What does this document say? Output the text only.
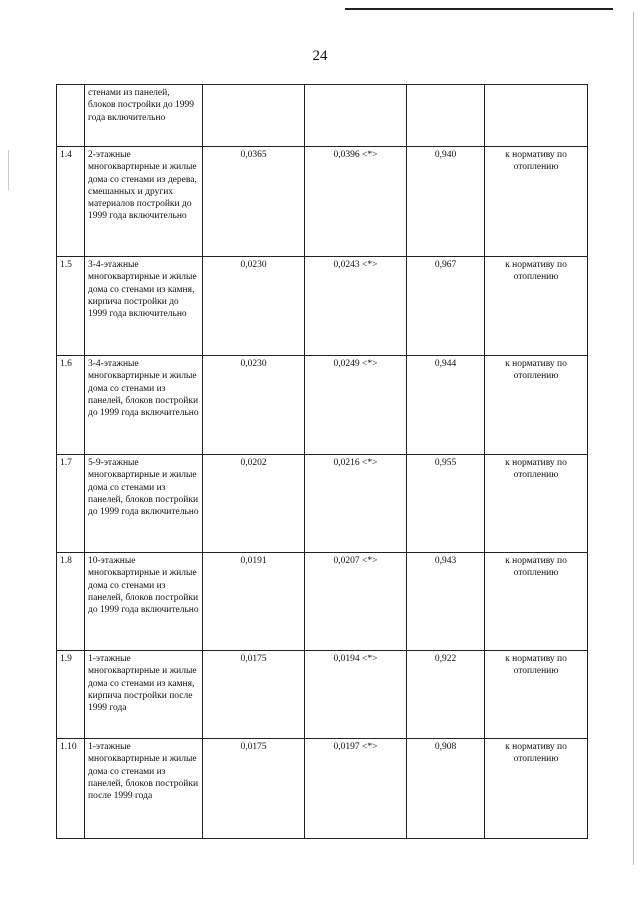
24
	стенами из панелей, блоков постройки до 1999 года включительно				
1.4	2-этажные многоквартирные и жилые дома со стенами из дерева, смешанных и других материалов постройки до 1999 года включительно	0,0365	0,0396 <*>	0,940	к нормативу по отоплению
1.5	3-4-этажные многоквартирные и жилые дома со стенами из камня, кирпича постройки до 1999 года включительно	0,0230	0,0243 <*>	0,967	к нормативу по отоплению
1.6	3-4-этажные многоквартирные и жилые дома со стенами из панелей, блоков постройки до 1999 года включительно	0,0230	0,0249 <*>	0,944	к нормативу по отоплению
1.7	5-9-этажные многоквартирные и жилые дома со стенами из панелей, блоков постройки до 1999 года включительно	0,0202	0,0216 <*>	0,955	к нормативу по отоплению
1.8	10-этажные многоквартирные и жилые дома со стенами из панелей, блоков постройки до 1999 года включительно	0,0191	0,0207 <*>	0,943	к нормативу по отоплению
1.9	1-этажные многоквартирные и жилые дома со стенами из камня, кирпича постройки после 1999 года	0,0175	0,0194 <*>	0,922	к нормативу по отоплению
1.10	1-этажные многоквартирные и жилые дома со стенами из панелей, блоков постройки после 1999 года	0,0175	0,0197 <*>	0,908	к нормативу по отоплению
